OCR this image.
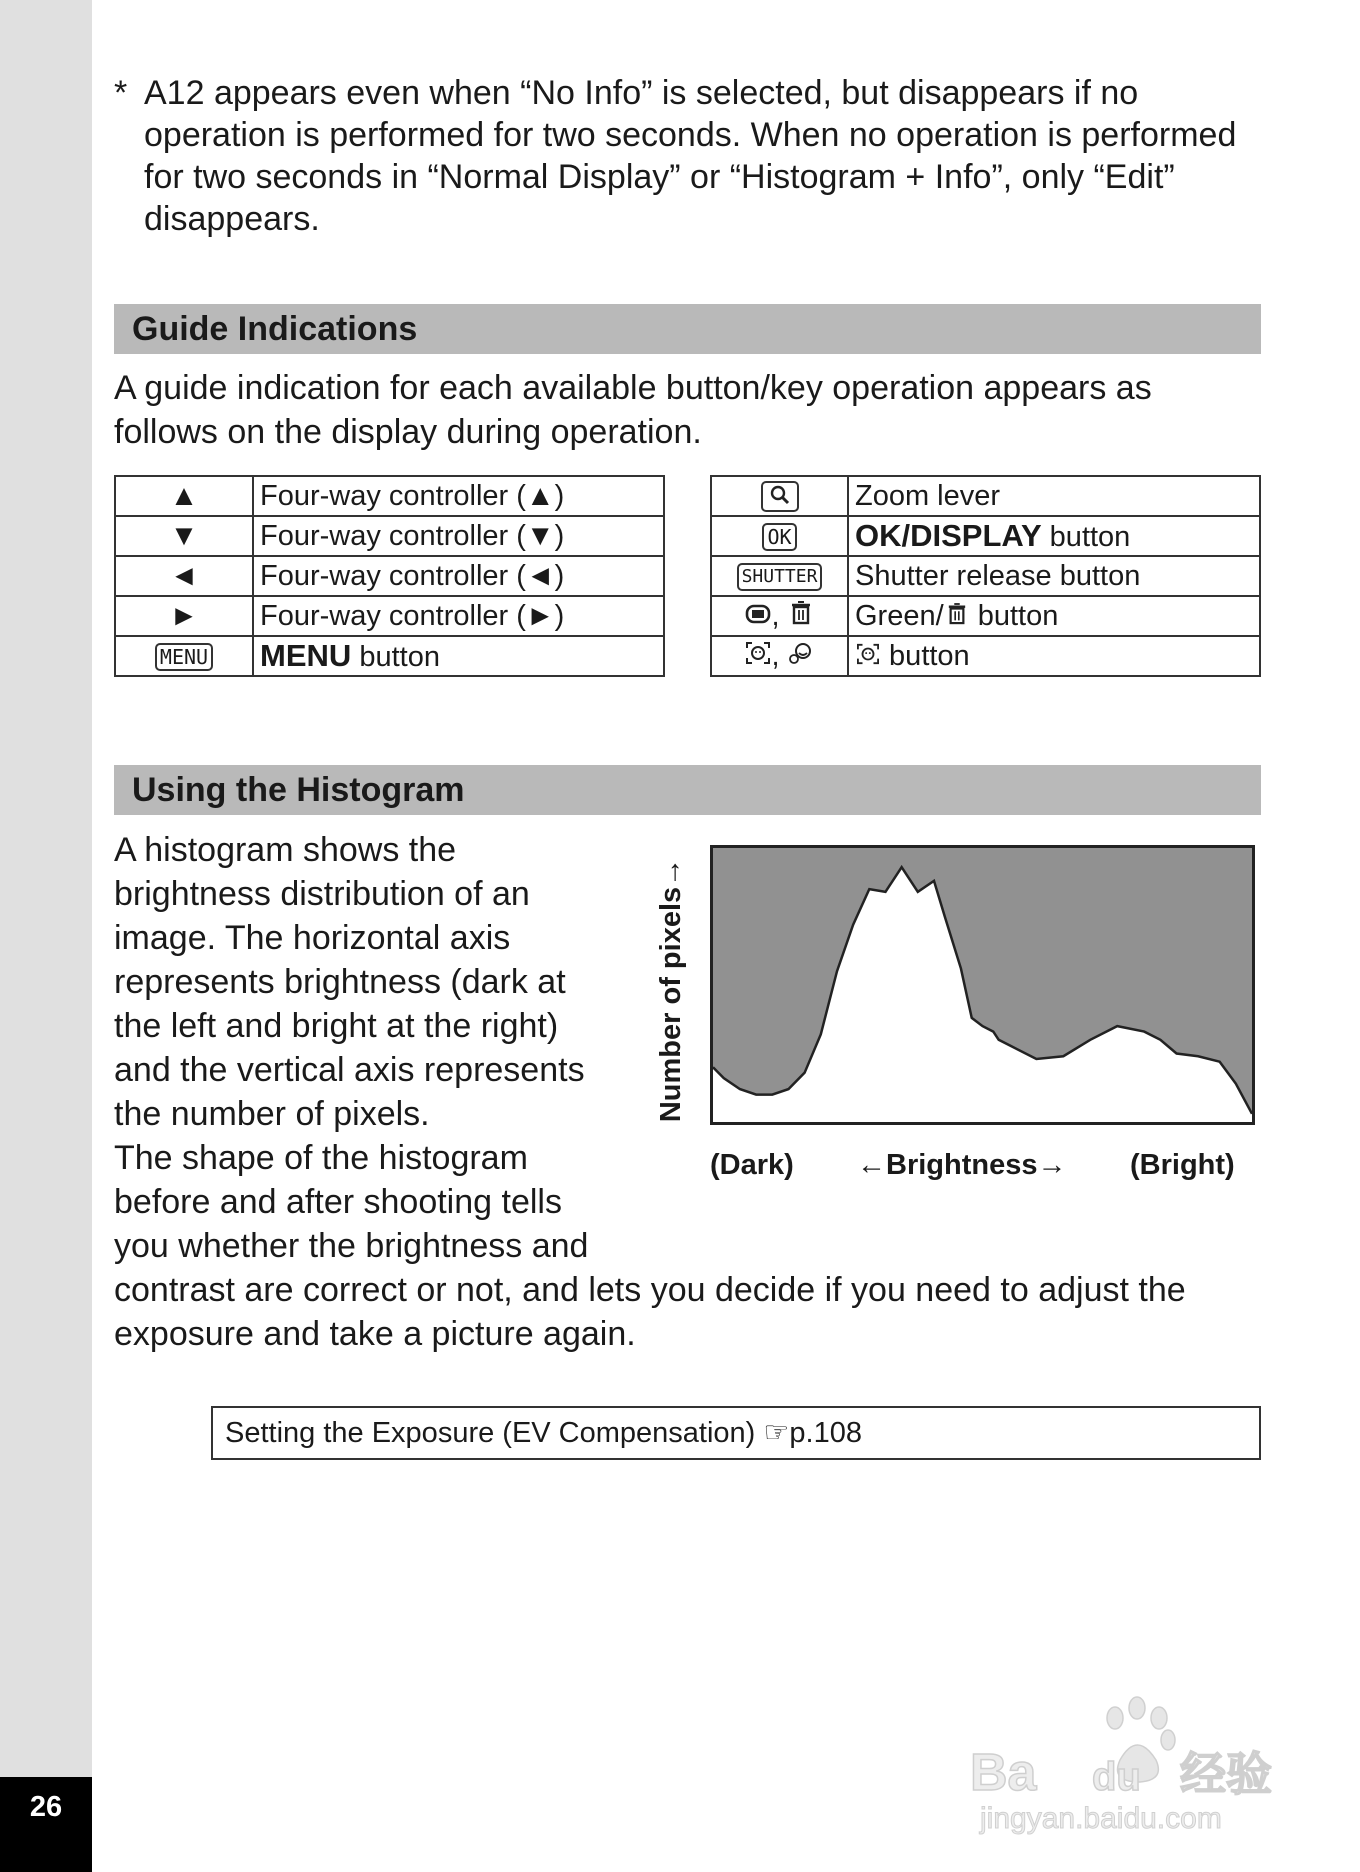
26
* A12 appears even when “No Info” is selected, but disappears if no operation is performed for two seconds. When no operation is performed for two seconds in “Normal Display” or “Histogram + Info”, only “Edit” disappears.
Guide Indications
A guide indication for each available button/key operation appears as follows on the display during operation.
▲	Four-way controller (▲)
▼	Four-way controller (▼)
◄	Four-way controller (◄)
►	Four-way controller (►)
MENU	MENU button
	Zoom lever
OK	OK/DISPLAY button
SHUTTER	Shutter release button
,	Green/ button
,	button
Using the Histogram
A histogram shows the
brightness distribution of an
image. The horizontal axis
represents brightness (dark at
the left and bright at the right)
and the vertical axis represents
the number of pixels.
The shape of the histogram
before and after shooting tells
you whether the brightness and
contrast are correct or not, and lets you decide if you need to adjust the
exposure and take a picture again.
Number of pixels→
(Dark) ←Brightness→ (Bright)
Setting the Exposure (EV Compensation) ☞p.108
Ba du 经验
jingyan.baidu.com
